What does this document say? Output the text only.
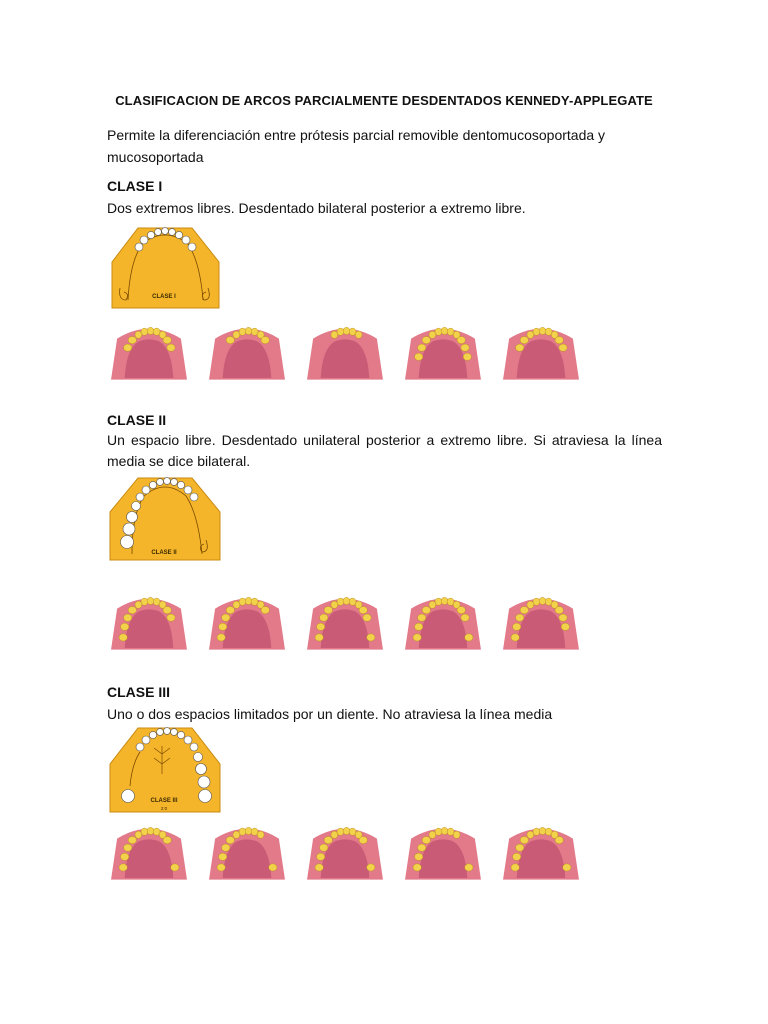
CLASIFICACION DE ARCOS PARCIALMENTE DESDENTADOS KENNEDY-APPLEGATE
Permite la diferenciación entre prótesis parcial removible dentomucosoportada y mucosoportada
CLASE I
Dos extremos libres. Desdentado bilateral posterior a extremo libre.
CLASE I
CLASE II
Un espacio libre. Desdentado unilateral posterior a extremo libre. Si atraviesa la línea media se dice bilateral.
CLASE II
CLASE III
Uno o dos espacios limitados por un diente. No atraviesa la línea media
CLASE III
2:0
